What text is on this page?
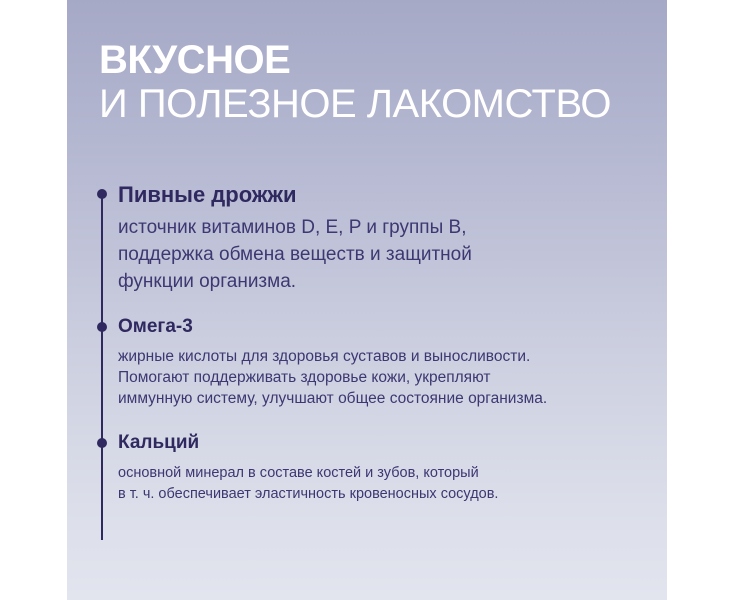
ВКУСНОЕ
И ПОЛЕЗНОЕ ЛАКОМСТВО
Пивные дрожжи

источник витаминов D, E, P и группы B,
поддержка обмена веществ и защитной
функции организма.

Омега-3

жирные кислоты для здоровья суставов и выносливости.
Помогают поддерживать здоровье кожи, укрепляют
иммунную систему, улучшают общее состояние организма.

Кальций

основной минерал в составе костей и зубов, который
в т. ч. обеспечивает эластичность кровеносных сосудов.
